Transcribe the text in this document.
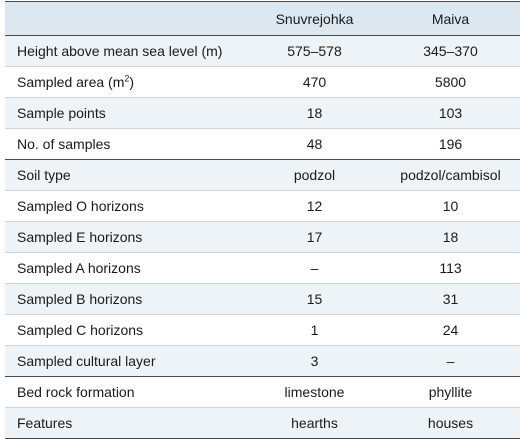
	Snuvrejohka	Maiva
Height above mean sea level (m)	575–578	345–370
Sampled area $(m^2)$	470	5800
Sample points	18	103
No. of samples	48	196
Soil type	podzol	podzol/cambisol
Sampled O horizons	12	10
Sampled E horizons	17	18
Sampled A horizons	–	113
Sampled B horizons	15	31
Sampled C horizons	1	24
Sampled cultural layer	3	–
Bed rock formation	limestone	phyllite
Features	hearths	houses
